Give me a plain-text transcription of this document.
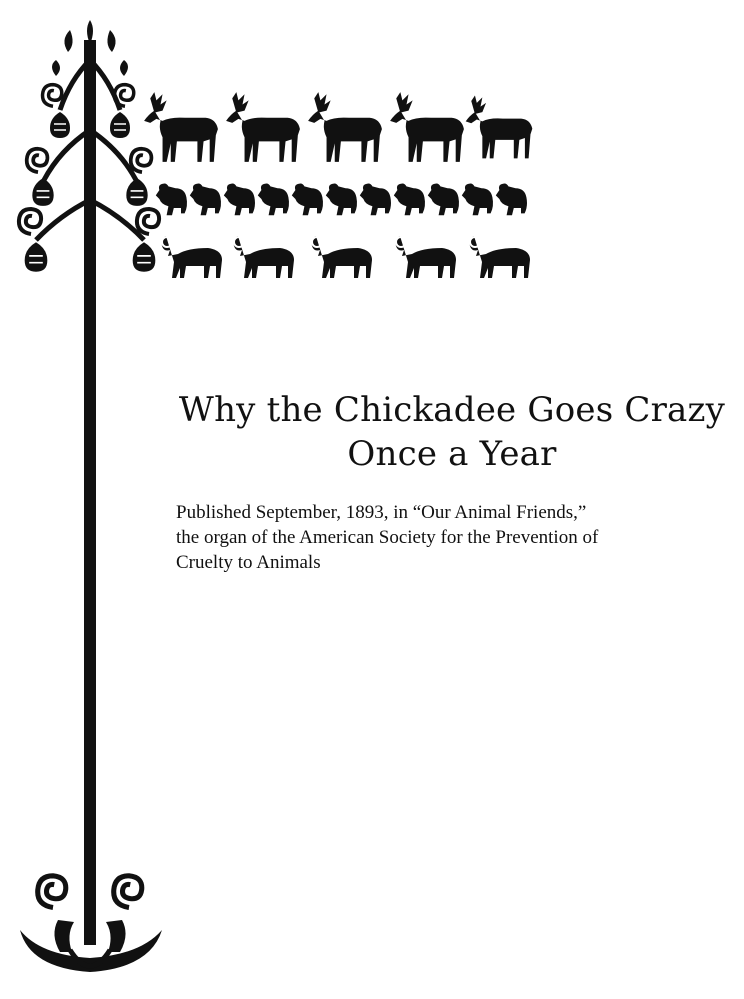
Why the Chickadee Goes Crazy
Once a Year

Published September, 1893, in “Our Animal Friends,”
the organ of the American Society for the Prevention of
Cruelty to Animals
